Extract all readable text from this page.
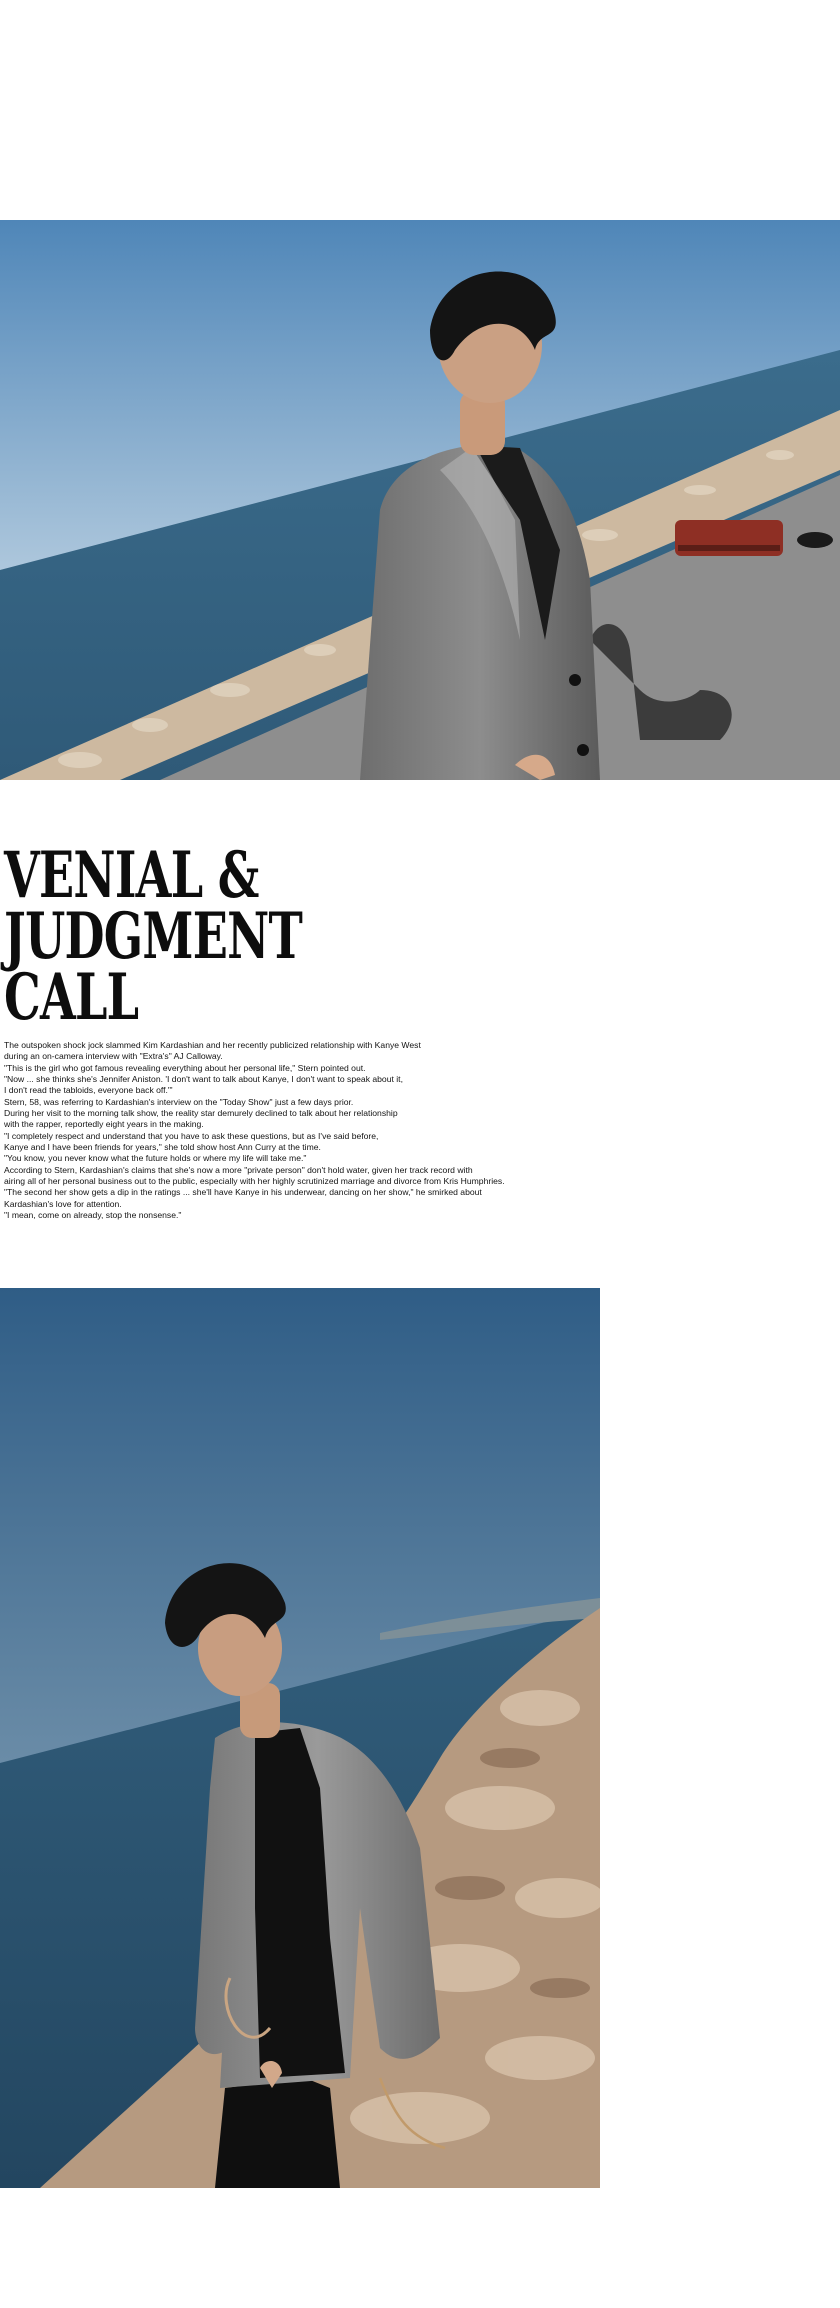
VENIAL &
JUDGMENT
CALL

The outspoken shock jock slammed Kim Kardashian and her recently publicized relationship with Kanye West

during an on-camera interview with "Extra's" AJ Calloway.

"This is the girl who got famous revealing everything about her personal life," Stern pointed out.

"Now ... she thinks she's Jennifer Aniston. 'I don't want to talk about Kanye, I don't want to speak about it,

I don't read the tabloids, everyone back off.'"

Stern, 58, was referring to Kardashian's interview on the "Today Show" just a few days prior.

During her visit to the morning talk show, the reality star demurely declined to talk about her relationship

with the rapper, reportedly eight years in the making.

"I completely respect and understand that you have to ask these questions, but as I've said before,

Kanye and I have been friends for years," she told show host Ann Curry at the time.

"You know, you never know what the future holds or where my life will take me."

According to Stern, Kardashian's claims that she's now a more "private person" don't hold water, given her track record with

airing all of her personal business out to the public, especially with her highly scrutinized marriage and divorce from Kris Humphries.

"The second her show gets a dip in the ratings ... she'll have Kanye in his underwear, dancing on her show," he smirked about

Kardashian's love for attention.

"I mean, come on already, stop the nonsense."
